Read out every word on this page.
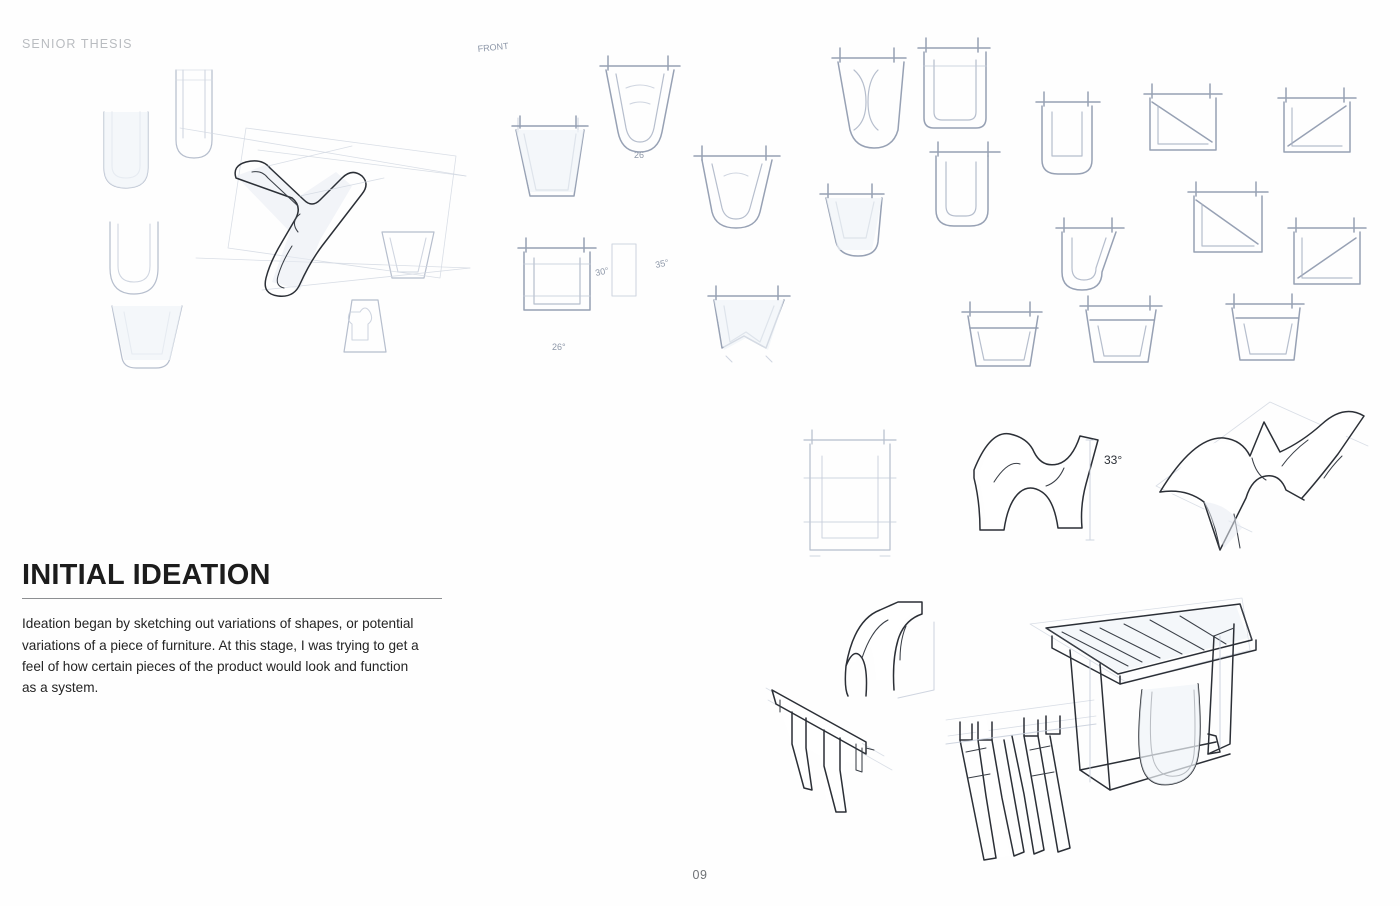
SENIOR THESIS	FRONT
26
30°
35°
26°
33°
INITIAL IDEATION

Ideation began by sketching out variations of shapes, or potential variations of a piece of furniture. At this stage, I was trying to get a feel of how certain pieces of the product would look and function as a system.

09
